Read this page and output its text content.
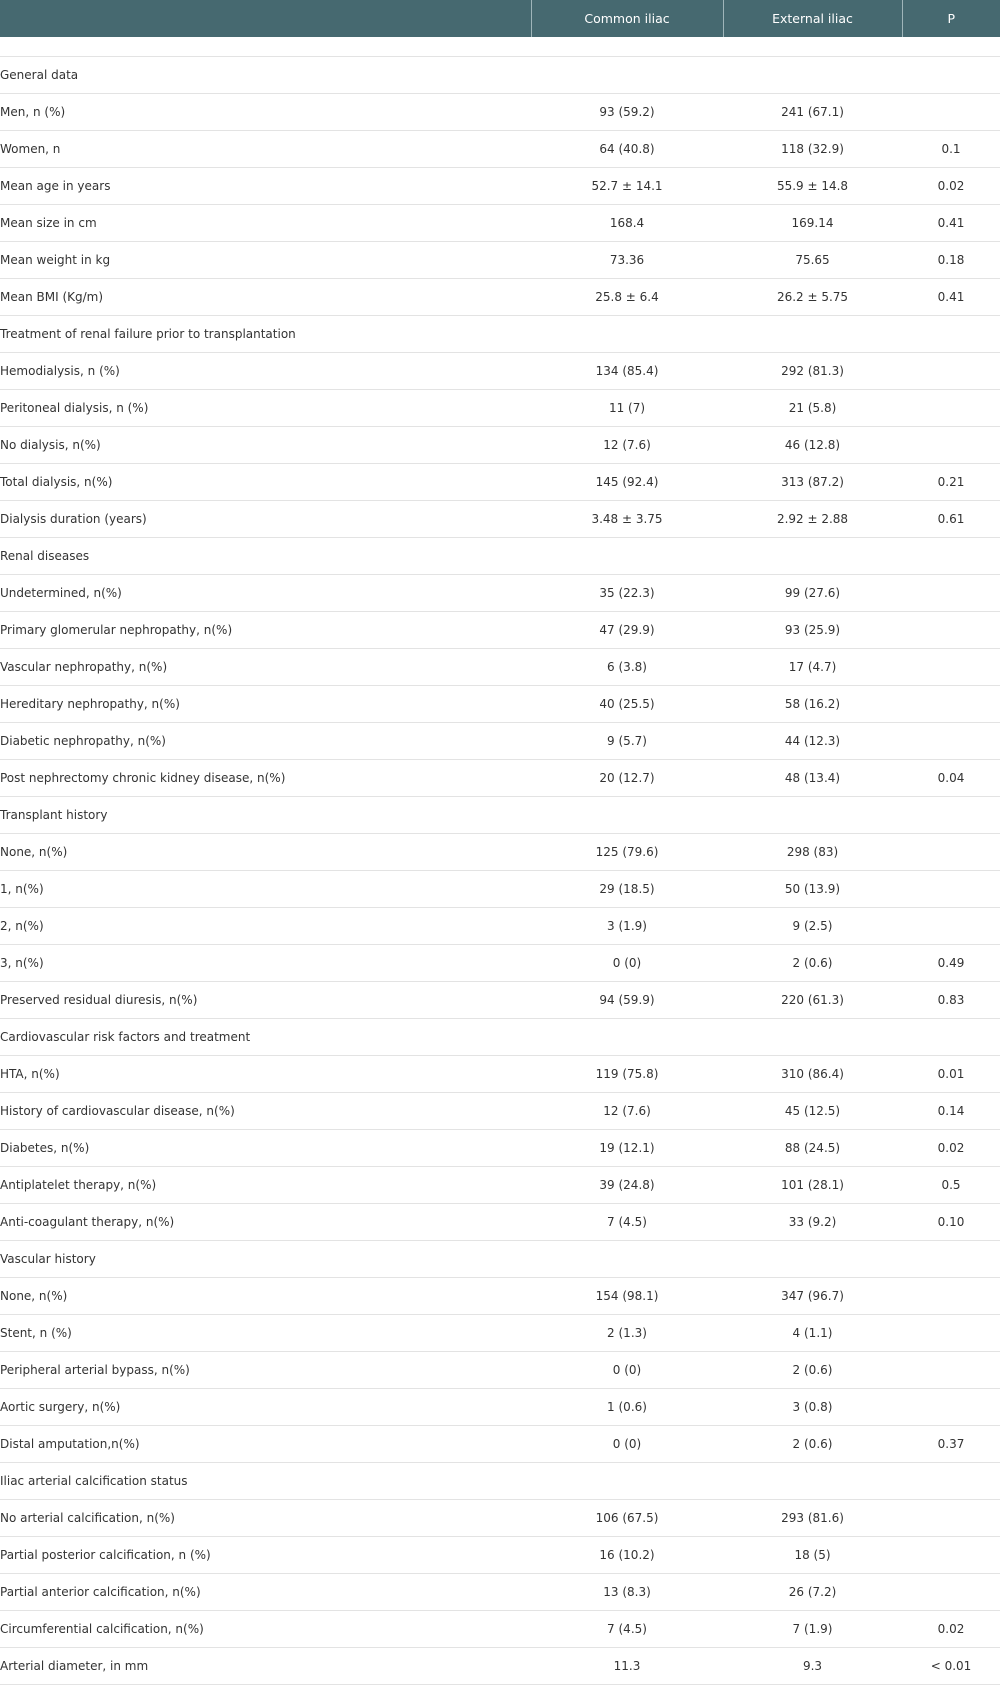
	Common iliac	External iliac	P

General data			
Men, n (%)	93 (59.2)	241 (67.1)	
Women, n	64 (40.8)	118 (32.9)	0.1
Mean age in years	52.7 ± 14.1	55.9 ± 14.8	0.02
Mean size in cm	168.4	169.14	0.41
Mean weight in kg	73.36	75.65	0.18
Mean BMI (Kg/m)	25.8 ± 6.4	26.2 ± 5.75	0.41
Treatment of renal failure prior to transplantation			
Hemodialysis, n (%)	134 (85.4)	292 (81.3)	
Peritoneal dialysis, n (%)	11 (7)	21 (5.8)	
No dialysis, n(%)	12 (7.6)	46 (12.8)	
Total dialysis, n(%)	145 (92.4)	313 (87.2)	0.21
Dialysis duration (years)	3.48 ± 3.75	2.92 ± 2.88	0.61
Renal diseases			
Undetermined, n(%)	35 (22.3)	99 (27.6)	
Primary glomerular nephropathy, n(%)	47 (29.9)	93 (25.9)	
Vascular nephropathy, n(%)	6 (3.8)	17 (4.7)	
Hereditary nephropathy, n(%)	40 (25.5)	58 (16.2)	
Diabetic nephropathy, n(%)	9 (5.7)	44 (12.3)	
Post nephrectomy chronic kidney disease, n(%)	20 (12.7)	48 (13.4)	0.04
Transplant history			
None, n(%)	125 (79.6)	298 (83)	
1, n(%)	29 (18.5)	50 (13.9)	
2, n(%)	3 (1.9)	9 (2.5)	
3, n(%)	0 (0)	2 (0.6)	0.49
Preserved residual diuresis, n(%)	94 (59.9)	220 (61.3)	0.83
Cardiovascular risk factors and treatment			
HTA, n(%)	119 (75.8)	310 (86.4)	0.01
History of cardiovascular disease, n(%)	12 (7.6)	45 (12.5)	0.14
Diabetes, n(%)	19 (12.1)	88 (24.5)	0.02
Antiplatelet therapy, n(%)	39 (24.8)	101 (28.1)	0.5
Anti-coagulant therapy, n(%)	7 (4.5)	33 (9.2)	0.10
Vascular history			
None, n(%)	154 (98.1)	347 (96.7)	
Stent, n (%)	2 (1.3)	4 (1.1)	
Peripheral arterial bypass, n(%)	0 (0)	2 (0.6)	
Aortic surgery, n(%)	1 (0.6)	3 (0.8)	
Distal amputation,n(%)	0 (0)	2 (0.6)	0.37
Iliac arterial calcification status			
No arterial calcification, n(%)	106 (67.5)	293 (81.6)	
Partial posterior calcification, n (%)	16 (10.2)	18 (5)	
Partial anterior calcification, n(%)	13 (8.3)	26 (7.2)	
Circumferential calcification, n(%)	7 (4.5)	7 (1.9)	0.02
Arterial diameter, in mm	11.3	9.3	< 0.01
